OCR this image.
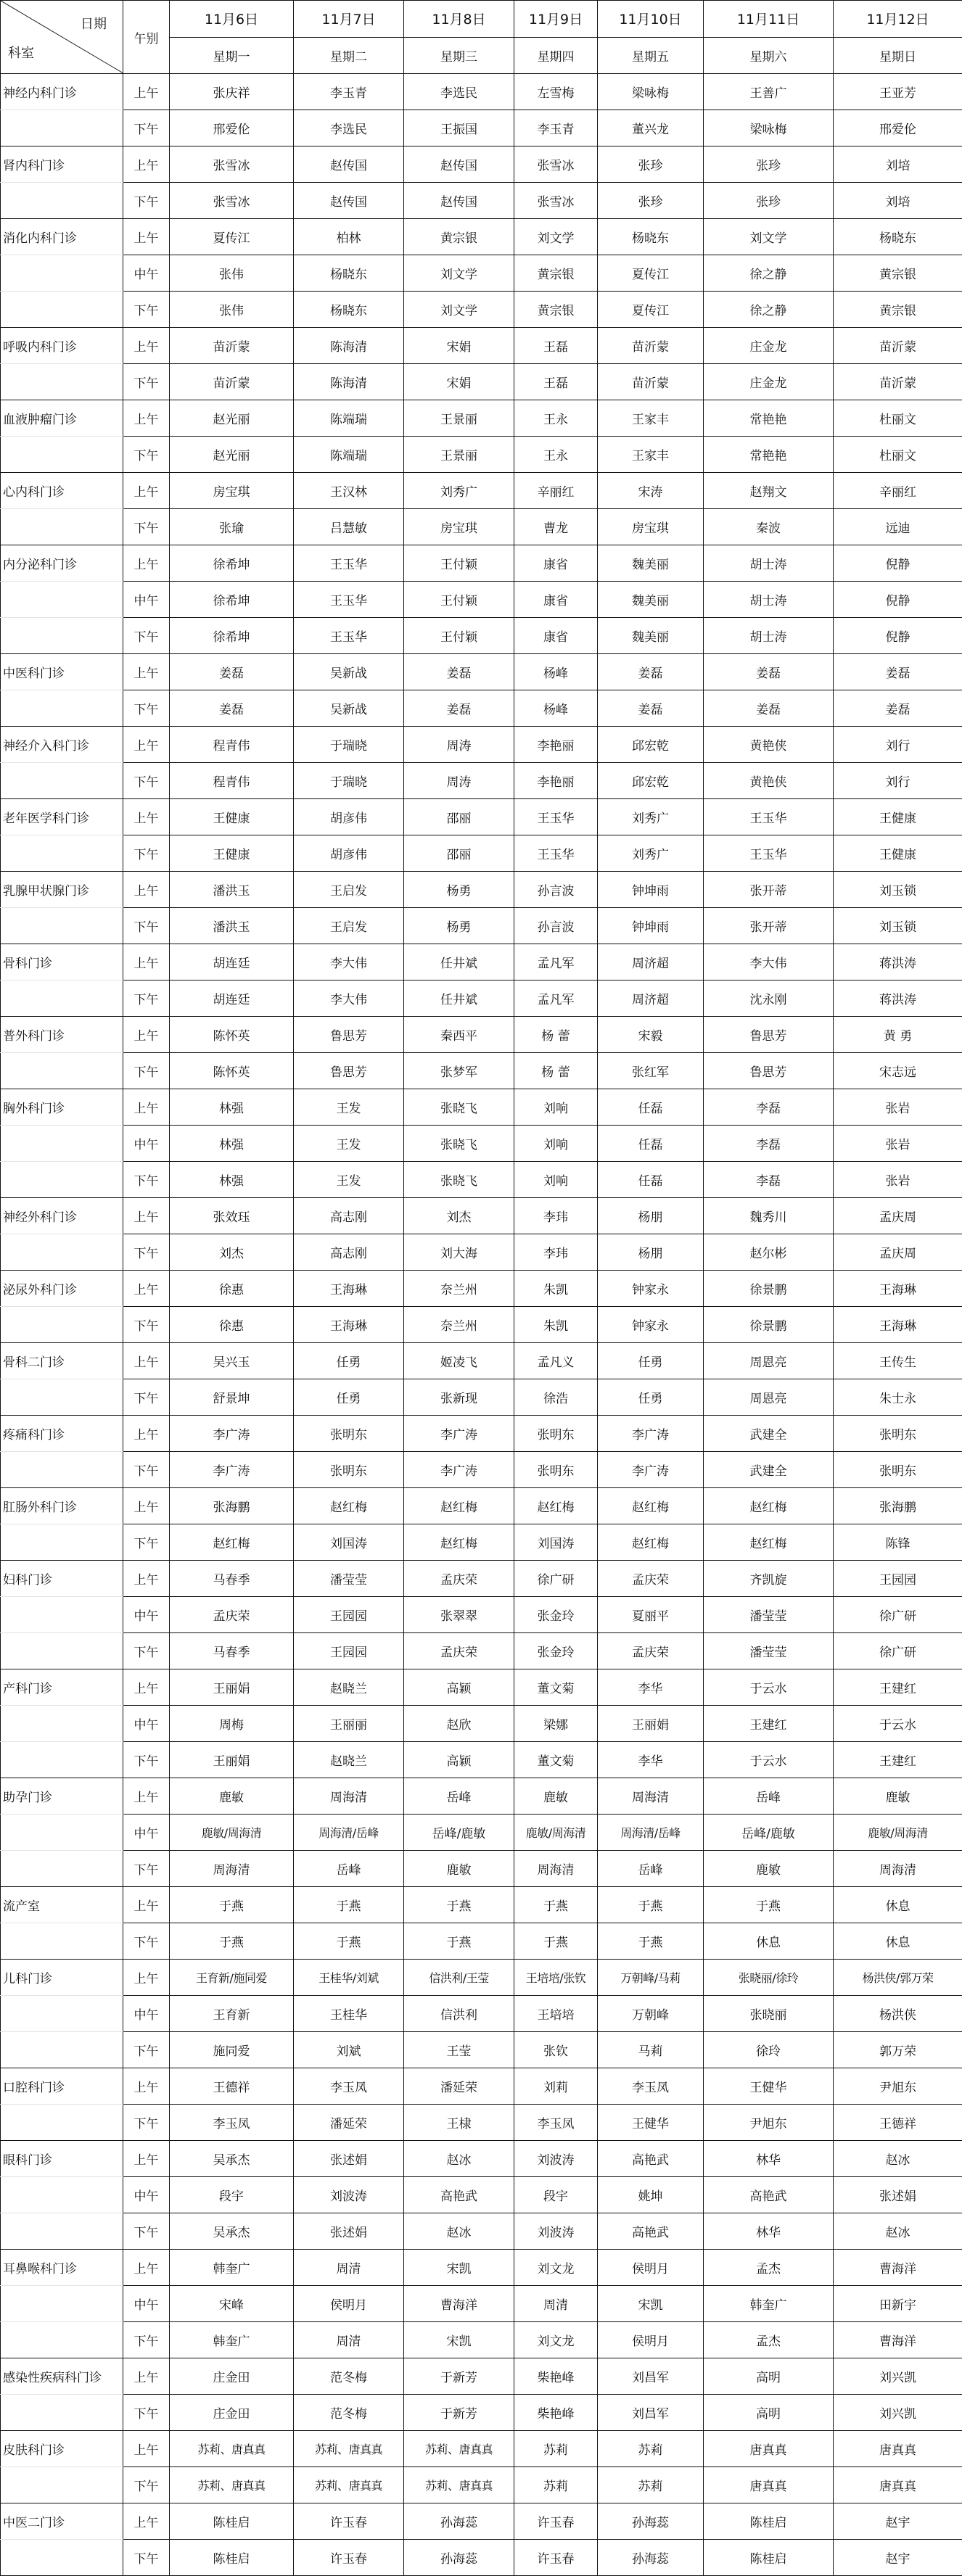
日期
科室	午别	11月6日	11月7日	11月8日	11月9日	11月10日	11月11日	11月12日
		星期一	星期二	星期三	星期四	星期五	星期六	星期日
神经内科门诊	上午	张庆祥	李玉青	李选民	左雪梅	梁咏梅	王善广	王亚芳
	下午	邢爱伦	李选民	王振国	李玉青	董兴龙	梁咏梅	邢爱伦
肾内科门诊	上午	张雪冰	赵传国	赵传国	张雪冰	张珍	张珍	刘培
	下午	张雪冰	赵传国	赵传国	张雪冰	张珍	张珍	刘培
消化内科门诊	上午	夏传江	柏林	黄宗银	刘文学	杨晓东	刘文学	杨晓东
	中午	张伟	杨晓东	刘文学	黄宗银	夏传江	徐之静	黄宗银
	下午	张伟	杨晓东	刘文学	黄宗银	夏传江	徐之静	黄宗银
呼吸内科门诊	上午	苗沂蒙	陈海清	宋娟	王磊	苗沂蒙	庄金龙	苗沂蒙
	下午	苗沂蒙	陈海清	宋娟	王磊	苗沂蒙	庄金龙	苗沂蒙
血液肿瘤门诊	上午	赵光丽	陈端瑞	王景丽	王永	王家丰	常艳艳	杜丽文
	下午	赵光丽	陈端瑞	王景丽	王永	王家丰	常艳艳	杜丽文
心内科门诊	上午	房宝琪	王汉林	刘秀广	辛丽红	宋涛	赵翔文	辛丽红
	下午	张瑜	吕慧敏	房宝琪	曹龙	房宝琪	秦波	远迪
内分泌科门诊	上午	徐希坤	王玉华	王付颖	康省	魏美丽	胡士涛	倪静
	中午	徐希坤	王玉华	王付颖	康省	魏美丽	胡士涛	倪静
	下午	徐希坤	王玉华	王付颖	康省	魏美丽	胡士涛	倪静
中医科门诊	上午	姜磊	吴新战	姜磊	杨峰	姜磊	姜磊	姜磊
	下午	姜磊	吴新战	姜磊	杨峰	姜磊	姜磊	姜磊
神经介入科门诊	上午	程青伟	于瑞晓	周涛	李艳丽	邱宏乾	黄艳侠	刘行
	下午	程青伟	于瑞晓	周涛	李艳丽	邱宏乾	黄艳侠	刘行
老年医学科门诊	上午	王健康	胡彦伟	邵丽	王玉华	刘秀广	王玉华	王健康
	下午	王健康	胡彦伟	邵丽	王玉华	刘秀广	王玉华	王健康
乳腺甲状腺门诊	上午	潘洪玉	王启发	杨勇	孙言波	钟坤雨	张开蒂	刘玉锁
	下午	潘洪玉	王启发	杨勇	孙言波	钟坤雨	张开蒂	刘玉锁
骨科门诊	上午	胡连廷	李大伟	任井斌	孟凡军	周济超	李大伟	蒋洪涛
	下午	胡连廷	李大伟	任井斌	孟凡军	周济超	沈永刚	蒋洪涛
普外科门诊	上午	陈怀英	鲁思芳	秦西平	杨 蕾	宋毅	鲁思芳	黄 勇
	下午	陈怀英	鲁思芳	张梦军	杨 蕾	张红军	鲁思芳	宋志远
胸外科门诊	上午	林强	王发	张晓飞	刘响	任磊	李磊	张岩
	中午	林强	王发	张晓飞	刘响	任磊	李磊	张岩
	下午	林强	王发	张晓飞	刘响	任磊	李磊	张岩
神经外科门诊	上午	张效珏	高志刚	刘杰	李玮	杨朋	魏秀川	孟庆周
	下午	刘杰	高志刚	刘大海	李玮	杨朋	赵尔彬	孟庆周
泌尿外科门诊	上午	徐惠	王海琳	奈兰州	朱凯	钟家永	徐景鹏	王海琳
	下午	徐惠	王海琳	奈兰州	朱凯	钟家永	徐景鹏	王海琳
骨科二门诊	上午	吴兴玉	任勇	姬凌飞	孟凡义	任勇	周恩亮	王传生
	下午	舒景坤	任勇	张新现	徐浩	任勇	周恩亮	朱士永
疼痛科门诊	上午	李广涛	张明东	李广涛	张明东	李广涛	武建全	张明东
	下午	李广涛	张明东	李广涛	张明东	李广涛	武建全	张明东
肛肠外科门诊	上午	张海鹏	赵红梅	赵红梅	赵红梅	赵红梅	赵红梅	张海鹏
	下午	赵红梅	刘国涛	赵红梅	刘国涛	赵红梅	赵红梅	陈锋
妇科门诊	上午	马春季	潘莹莹	孟庆荣	徐广研	孟庆荣	齐凯旋	王园园
	中午	孟庆荣	王园园	张翠翠	张金玲	夏丽平	潘莹莹	徐广研
	下午	马春季	王园园	孟庆荣	张金玲	孟庆荣	潘莹莹	徐广研
产科门诊	上午	王丽娟	赵晓兰	高颖	董文菊	李华	于云水	王建红
	中午	周梅	王丽丽	赵欣	梁娜	王丽娟	王建红	于云水
	下午	王丽娟	赵晓兰	高颖	董文菊	李华	于云水	王建红
助孕门诊	上午	鹿敏	周海清	岳峰	鹿敏	周海清	岳峰	鹿敏
	中午	鹿敏/周海清	周海清/岳峰	岳峰/鹿敏	鹿敏/周海清	周海清/岳峰	岳峰/鹿敏	鹿敏/周海清
	下午	周海清	岳峰	鹿敏	周海清	岳峰	鹿敏	周海清
流产室	上午	于燕	于燕	于燕	于燕	于燕	于燕	休息
	下午	于燕	于燕	于燕	于燕	于燕	休息	休息
儿科门诊	上午	王育新/施同爱	王桂华/刘斌	信洪利/王莹	王培培/张钦	万朝峰/马莉	张晓丽/徐玲	杨洪侠/郭万荣
	中午	王育新	王桂华	信洪利	王培培	万朝峰	张晓丽	杨洪侠
	下午	施同爱	刘斌	王莹	张钦	马莉	徐玲	郭万荣
口腔科门诊	上午	王德祥	李玉凤	潘延荣	刘莉	李玉凤	王健华	尹旭东
	下午	李玉凤	潘延荣	王棣	李玉凤	王健华	尹旭东	王德祥
眼科门诊	上午	吴承杰	张述娟	赵冰	刘波涛	高艳武	林华	赵冰
	中午	段宇	刘波涛	高艳武	段宇	姚坤	高艳武	张述娟
	下午	吴承杰	张述娟	赵冰	刘波涛	高艳武	林华	赵冰
耳鼻喉科门诊	上午	韩奎广	周清	宋凯	刘文龙	侯明月	孟杰	曹海洋
	中午	宋峰	侯明月	曹海洋	周清	宋凯	韩奎广	田新宇
	下午	韩奎广	周清	宋凯	刘文龙	侯明月	孟杰	曹海洋
感染性疾病科门诊	上午	庄金田	范冬梅	于新芳	柴艳峰	刘昌军	高明	刘兴凯
	下午	庄金田	范冬梅	于新芳	柴艳峰	刘昌军	高明	刘兴凯
皮肤科门诊	上午	苏莉、唐真真	苏莉、唐真真	苏莉、唐真真	苏莉	苏莉	唐真真	唐真真
	下午	苏莉、唐真真	苏莉、唐真真	苏莉、唐真真	苏莉	苏莉	唐真真	唐真真
中医二门诊	上午	陈桂启	许玉春	孙海蕊	许玉春	孙海蕊	陈桂启	赵宇
	下午	陈桂启	许玉春	孙海蕊	许玉春	孙海蕊	陈桂启	赵宇
